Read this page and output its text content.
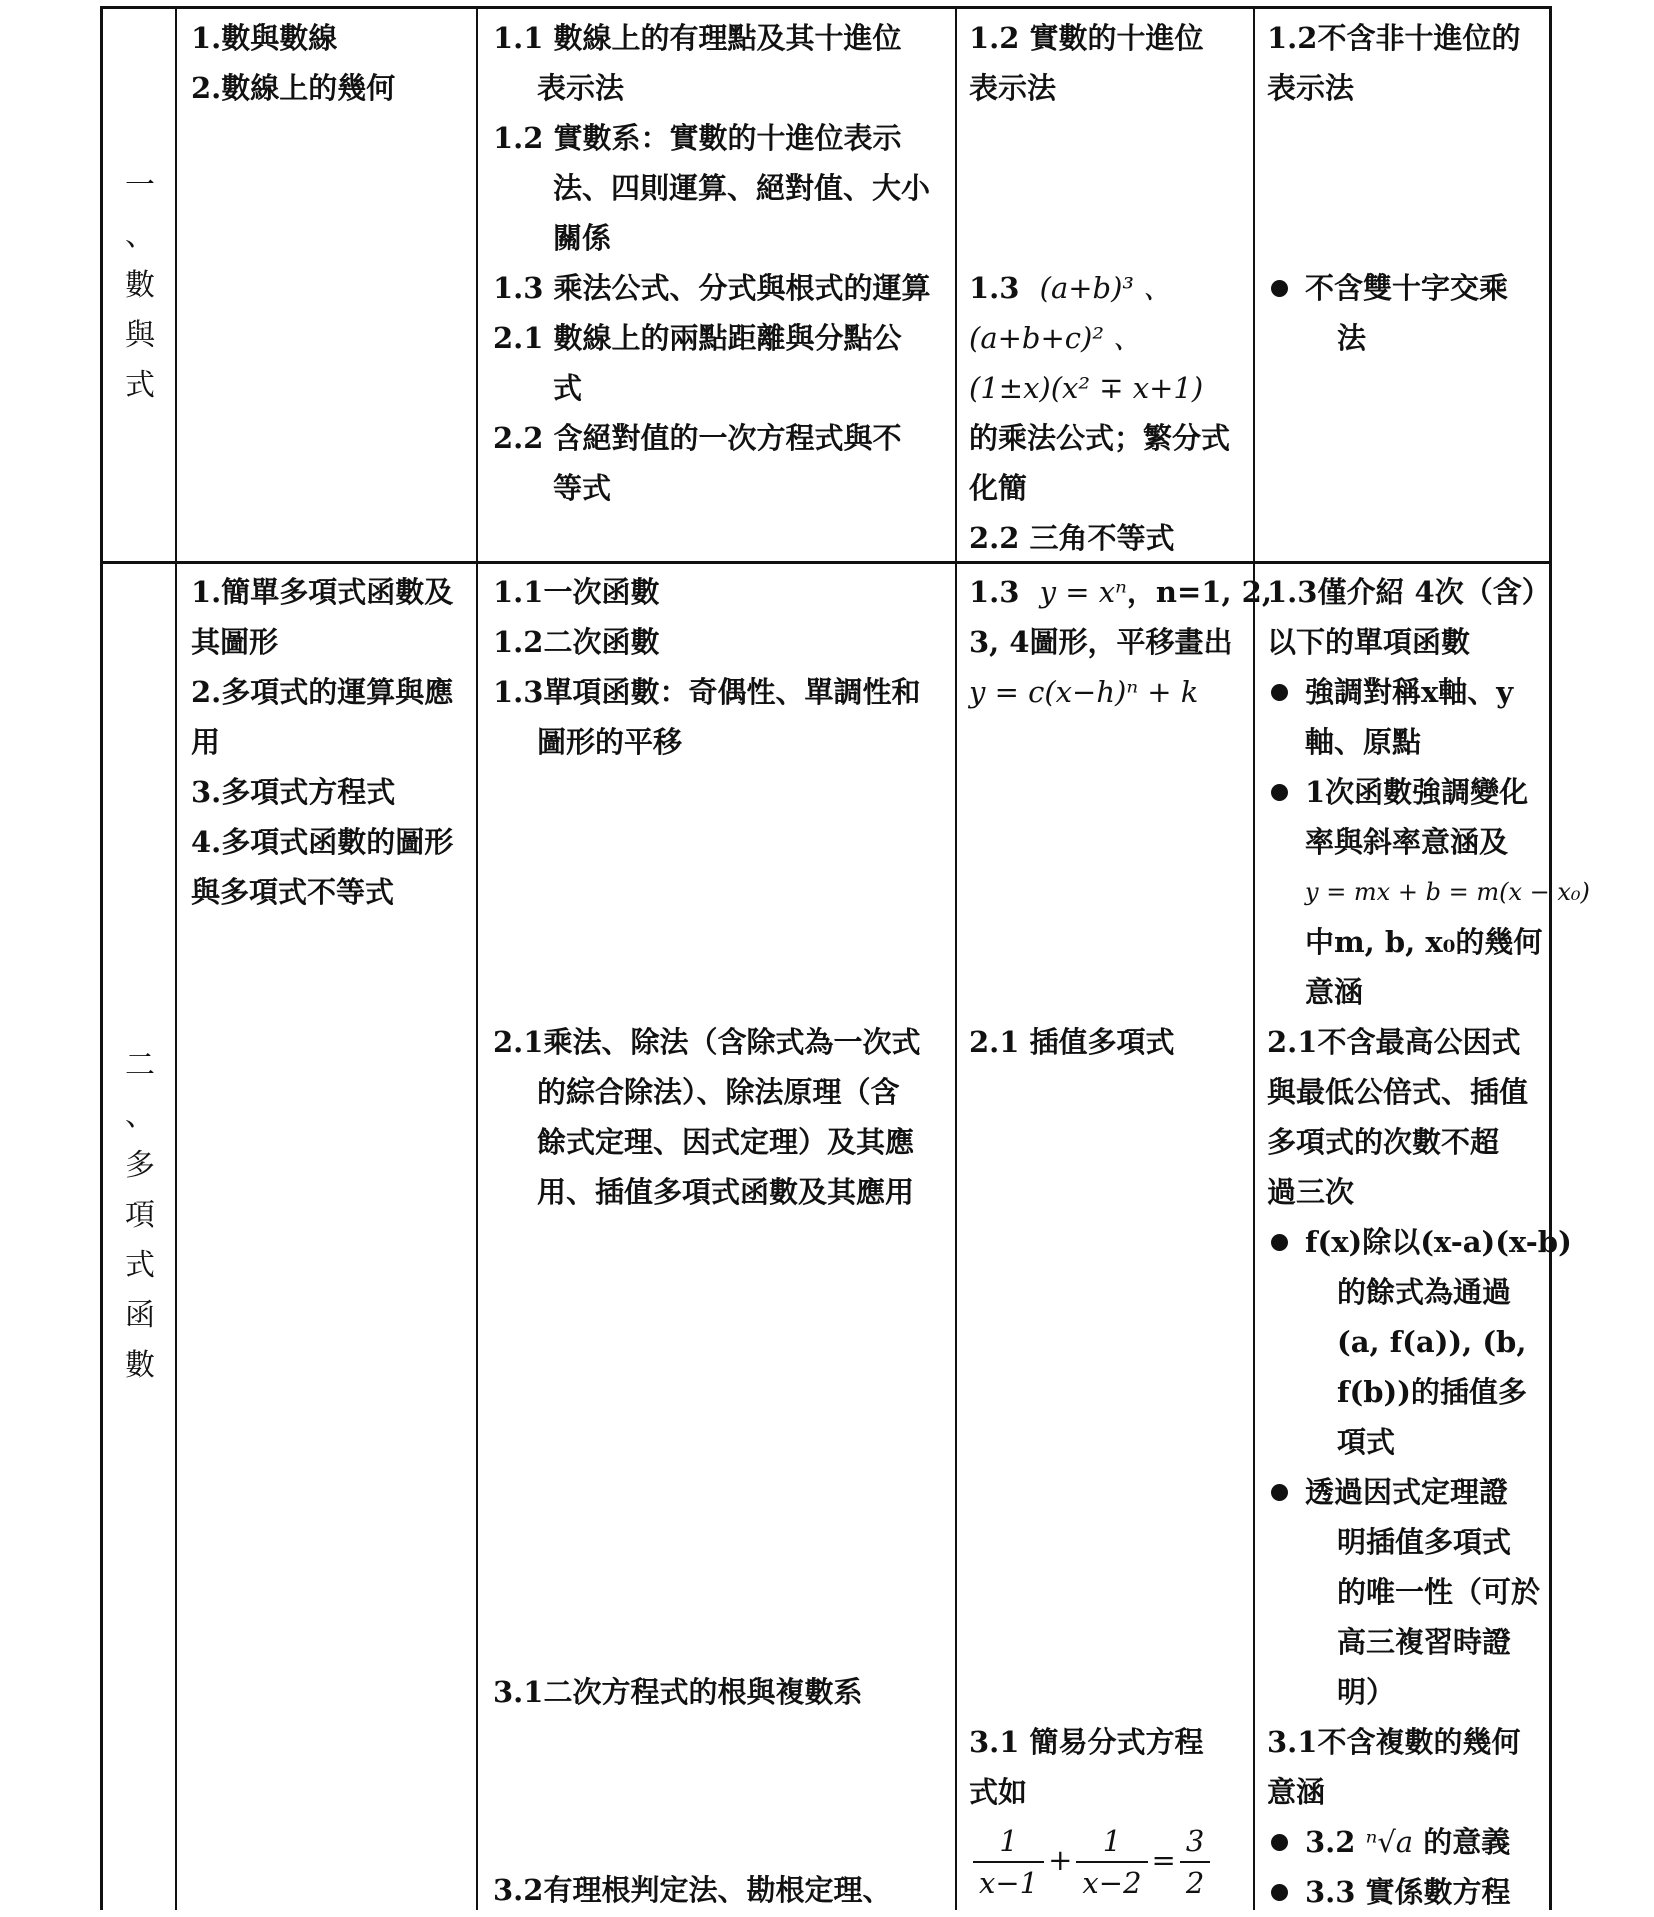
一
、
數
與
式
1.數與數線
2.數線上的幾何
1.1 數線上的有理點及其十進位
表示法
1.2 實數系：實數的十進位表示
法、四則運算、絕對值、大小
關係
1.3 乘法公式、分式與根式的運算
2.1 數線上的兩點距離與分點公
式
2.2 含絕對值的一次方程式與不
等式
1.2 實數的十進位
表示法

1.3 (a+b)³ 、
(a+b+c)² 、
(1±x)(x² ∓ x+1)
的乘法公式；繁分式
化簡
2.2 三角不等式
1.2不含非十進位的
表示法

不含雙十字交乘
法
二
、
多
項
式
函
數
1.簡單多項式函數及
其圖形
2.多項式的運算與應
用
3.多項式方程式
4.多項式函數的圖形
與多項式不等式
1.1一次函數
1.2二次函數
1.3單項函數：奇偶性、單調性和
圖形的平移
2.1乘法、除法（含除式為一次式
的綜合除法）、除法原理（含
餘式定理、因式定理）及其應
用、插值多項式函數及其應用
3.1二次方程式的根與複數系
3.2有理根判定法、勘根定理、
1.3 y = xⁿ，n=1, 2,
3, 4圖形，平移畫出
y = c(x−h)ⁿ + k
2.1 插值多項式
3.1 簡易分式方程
式如
$\frac{1}{x-1} + \frac{1}{x-2} = \frac{3}{2}$
1.3僅介紹 4次（含）
以下的單項函數
強調對稱x軸、y
軸、原點
1次函數強調變化
率與斜率意涵及
y = mx + b = m(x − x₀)
中m, b, x₀的幾何
意涵
2.1不含最高公因式
與最低公倍式、插值
多項式的次數不超
過三次
f(x)除以(x-a)(x-b)
的餘式為通過
(a, f(a)), (b,
f(b))的插值多
項式
透過因式定理證
明插值多項式
的唯一性（可於
高三複習時證
明）
3.1不含複數的幾何
意涵
3.2 ⁿ√a 的意義
3.3 實係數方程
